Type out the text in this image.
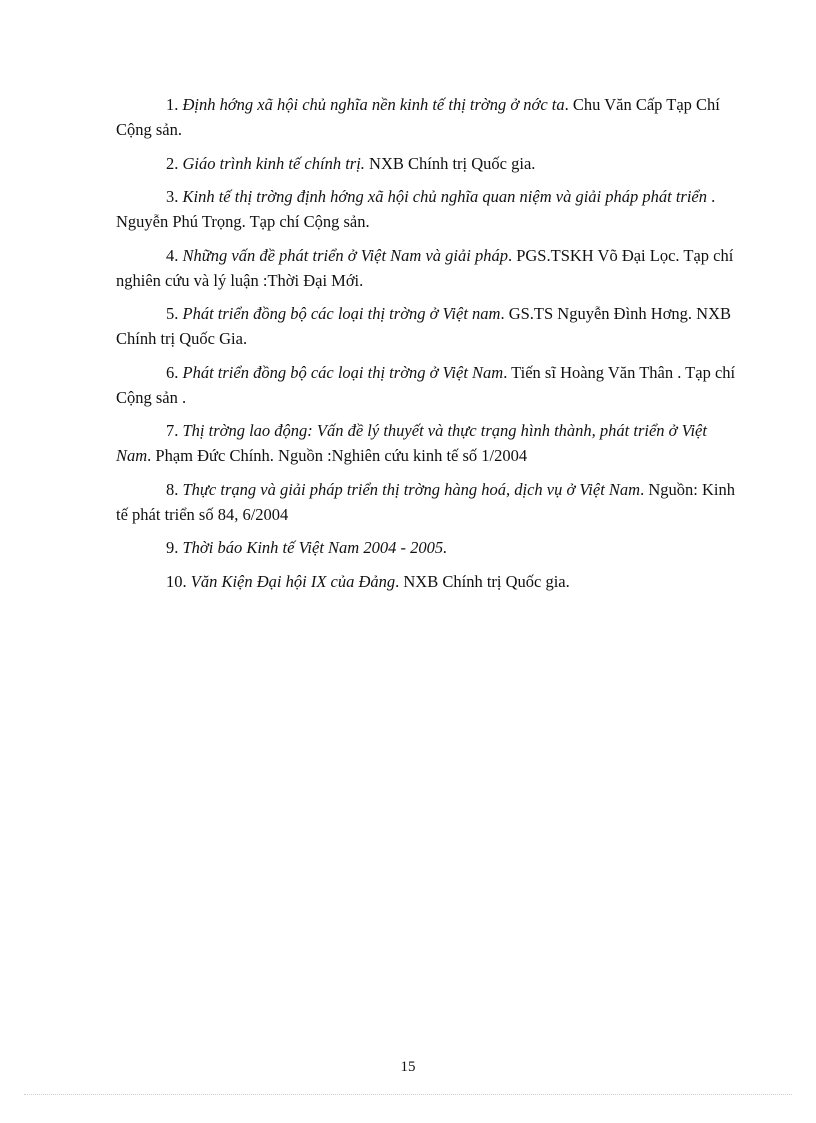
1. Định hớng xã hội chủ nghĩa nền kinh tế thị trờng ở nớc ta. Chu Văn Cấp Tạp Chí Cộng sản.
2. Giáo trình kinh tế chính trị. NXB Chính trị Quốc gia.
3. Kinh tế thị trờng định hớng xã hội chủ nghĩa quan niệm và giải pháp phát triển . Nguyễn Phú Trọng. Tạp chí Cộng sản.
4. Những vấn đề phát triển ở Việt Nam và giải pháp. PGS.TSKH Võ Đại Lọc. Tạp chí nghiên cứu và lý luận :Thời Đại Mới.
5. Phát triển đồng bộ các loại thị trờng ở Việt nam. GS.TS Nguyễn Đình Hơng. NXB Chính trị Quốc Gia.
6. Phát triển đồng bộ các loại thị trờng ở Việt Nam. Tiến sĩ Hoàng Văn Thân . Tạp chí Cộng sản .
7. Thị trờng lao động: Vấn đề lý thuyết và thực trạng hình thành, phát triển ở Việt Nam. Phạm Đức Chính. Nguồn :Nghiên cứu kinh tế số 1/2004
8. Thực trạng và giải pháp triển thị trờng hàng hoá, dịch vụ ở Việt Nam. Nguồn: Kinh tế phát triển số 84, 6/2004
9. Thời báo Kinh tế Việt Nam 2004 - 2005.
10. Văn Kiện Đại hội IX của Đảng. NXB Chính trị Quốc gia.
15
